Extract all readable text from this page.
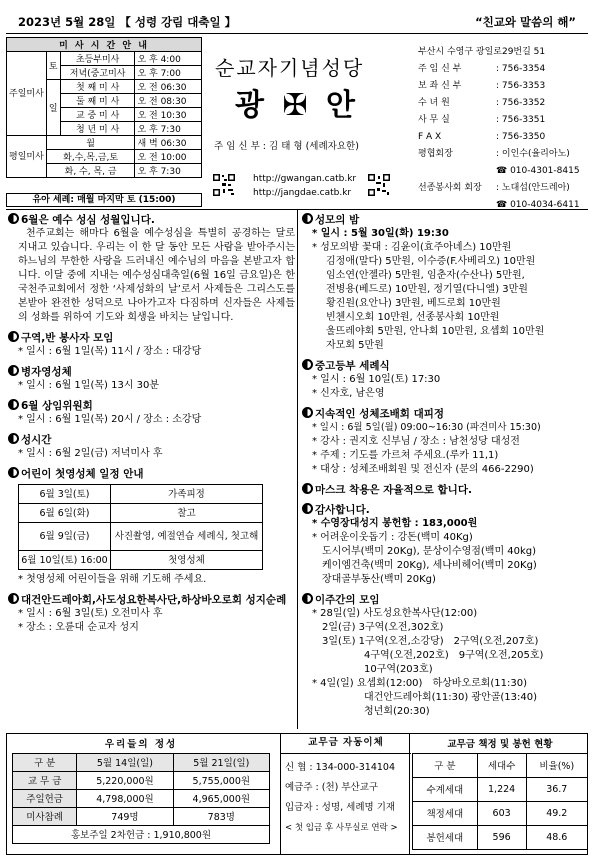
2023년 5월 28일 【 성령 강림 대축일 】	“친교와 말씀의 해”
미 사 시 간 안 내			
주일미사	토	초등부미사	오 후 4:00
		저녁(중고미사	오 후 7:00
	일	첫 째 미 사	오 전 06:30
		둘 째 미 사	오 전 08:30
		교 중 미 사	오 전 10:30
		청 년 미 사	오 후 7:30
평일미사	월		새 벽 06:30
	화,수,목,금,토		오 전 10:00
	화, 수, 목, 금		오 후 7:30
유아 세례: 매월 마지막 토 (15:00)
순교자기념성당
광 ✠ 안
주 임 신 부 : 김 태 형 (세례자요한)
http://gwangan.catb.kr
http://jangdae.catb.kr
부산시 수영구 광일로29번길 51
주 임 신 부	: 756-3354
보 좌 신 부	: 756-3353
수 녀 원	: 756-3352
사 무 실	: 756-3351
F A X	: 756-3350
평협회장	: 이인수(율리아노)
☎ 010-4301-8415
선종봉사회 회장	: 노대섭(안드레아)
☎ 010-4034-6411
6월은 예수 성심 성월입니다.
천주교회는 해마다 6월을 예수성심을 특별히 공경하는 달로 지내고 있습니다. 우리는 이 한 달 동안 모든 사람을 받아주시는 하느님의 무한한 사랑을 드러내신 예수님의 마음을 본받고자 합니다. 이달 중에 지내는 예수성심대축일(6월 16일 금요일)은 한국천주교회에서 정한 ‘사제성화의 날’로서 사제들은 그리스도를 본받아 완전한 성덕으로 나아가고자 다짐하며 신자들은 사제들의 성화를 위하여 기도와 희생을 바치는 날입니다.
구역,반 봉사자 모임
* 일시 : 6월 1일(목) 11시 / 장소 : 대강당
병자영성체
* 일시 : 6월 1일(목) 13시 30분
6월 상임위원회
* 일시 : 6월 1일(목) 20시 / 장소 : 소강당
성시간
* 일시 : 6월 2일(금) 저녁미사 후
어린이 첫영성체 일정 안내
6월 3일(토)	가족피정
6월 6일(화)	찰고
6월 9일(금)	사진촬영, 예절연습 세례식, 첫고해
6월 10일(토) 16:00	첫영성체
* 첫영성체 어린이들을 위해 기도해 주세요.
대건안드레아회,사도성요한복사단,하상바오로회 성지순례
* 일시 : 6월 3일(토) 오전미사 후
* 장소 : 오륜대 순교자 성지
성모의 밤
* 일시 : 5월 30일(화) 19:30
* 성모의밤 꽃대 : 김윤이(효주아녜스) 10만원
김정애(말다) 5만원, 이수증(F.사베리오) 10만원
임소연(안젤라) 5만원, 임춘자(수산나) 5만원,
전병용(베드로) 10만원, 정기열(다니엘) 3만원
황진원(요안나) 3만원, 베드로회 10만원
빈첸시오회 10만원, 선종봉사회 10만원
울뜨레야회 5만원, 안나회 10만원, 요셉회 10만원
자모회 5만원
중고등부 세례식
* 일시 : 6월 10일(토) 17:30
* 신자호, 남은영
지속적인 성체조배회 대피정
* 일시 : 6월 5일(월) 09:00~16:30 (파견미사 15:30)
* 강사 : 권지호 신부님 / 장소 : 남천성당 대성전
* 주제 : 기도를 가르쳐 주세요.(루카 11,1)
* 대상 : 성체조배회원 및 전신자 (문의 466-2290)
마스크 착용은 자율적으로 합니다.
감사합니다.
* 수영장대성지 봉헌함 : 183,000원
* 어려운이웃돕기 : 강돈(백미 40Kg)
도시어부(백미 20Kg), 문상이수영점(백미 40kg)
케이엠건축(백미 20Kg), 세나비헤어(백미 20Kg)
장대골부동산(백미 20Kg)
이주간의 모임
* 28일(일) 사도성요한복사단(12:00)
2일(금) 3구역(오전,302호)
3일(토) 1구역(오전,소강당)　2구역(오전,207호)
4구역(오전,202호)　9구역(오전,205호)
10구역(203호)
* 4일(일) 요셉회(12:00)　하상바오로회(11:30)
대건안드레아회(11:30) 광안골(13:40)
청년회(20:30)
우리들의 정성		
구 분	5월 14일(일)	5월 21일(일)
교 무 금	5,220,000원	5,755,000원
주일헌금	4,798,000원	4,965,000원
미사참례	749명	783명
홍보주일 2차헌금 : 1,910,800원		
교무금 자동이체
신 협 : 134-000-314104
예금주 : (천) 부산교구
입금자 : 성명, 세례명 기재
< 첫 입금 후 사무실로 연락 >
교무금 책정 및 봉헌 현황		
구 분	세대수	비율(%)
수계세대	1,224	36.7
책정세대	603	49.2
봉헌세대	596	48.6
